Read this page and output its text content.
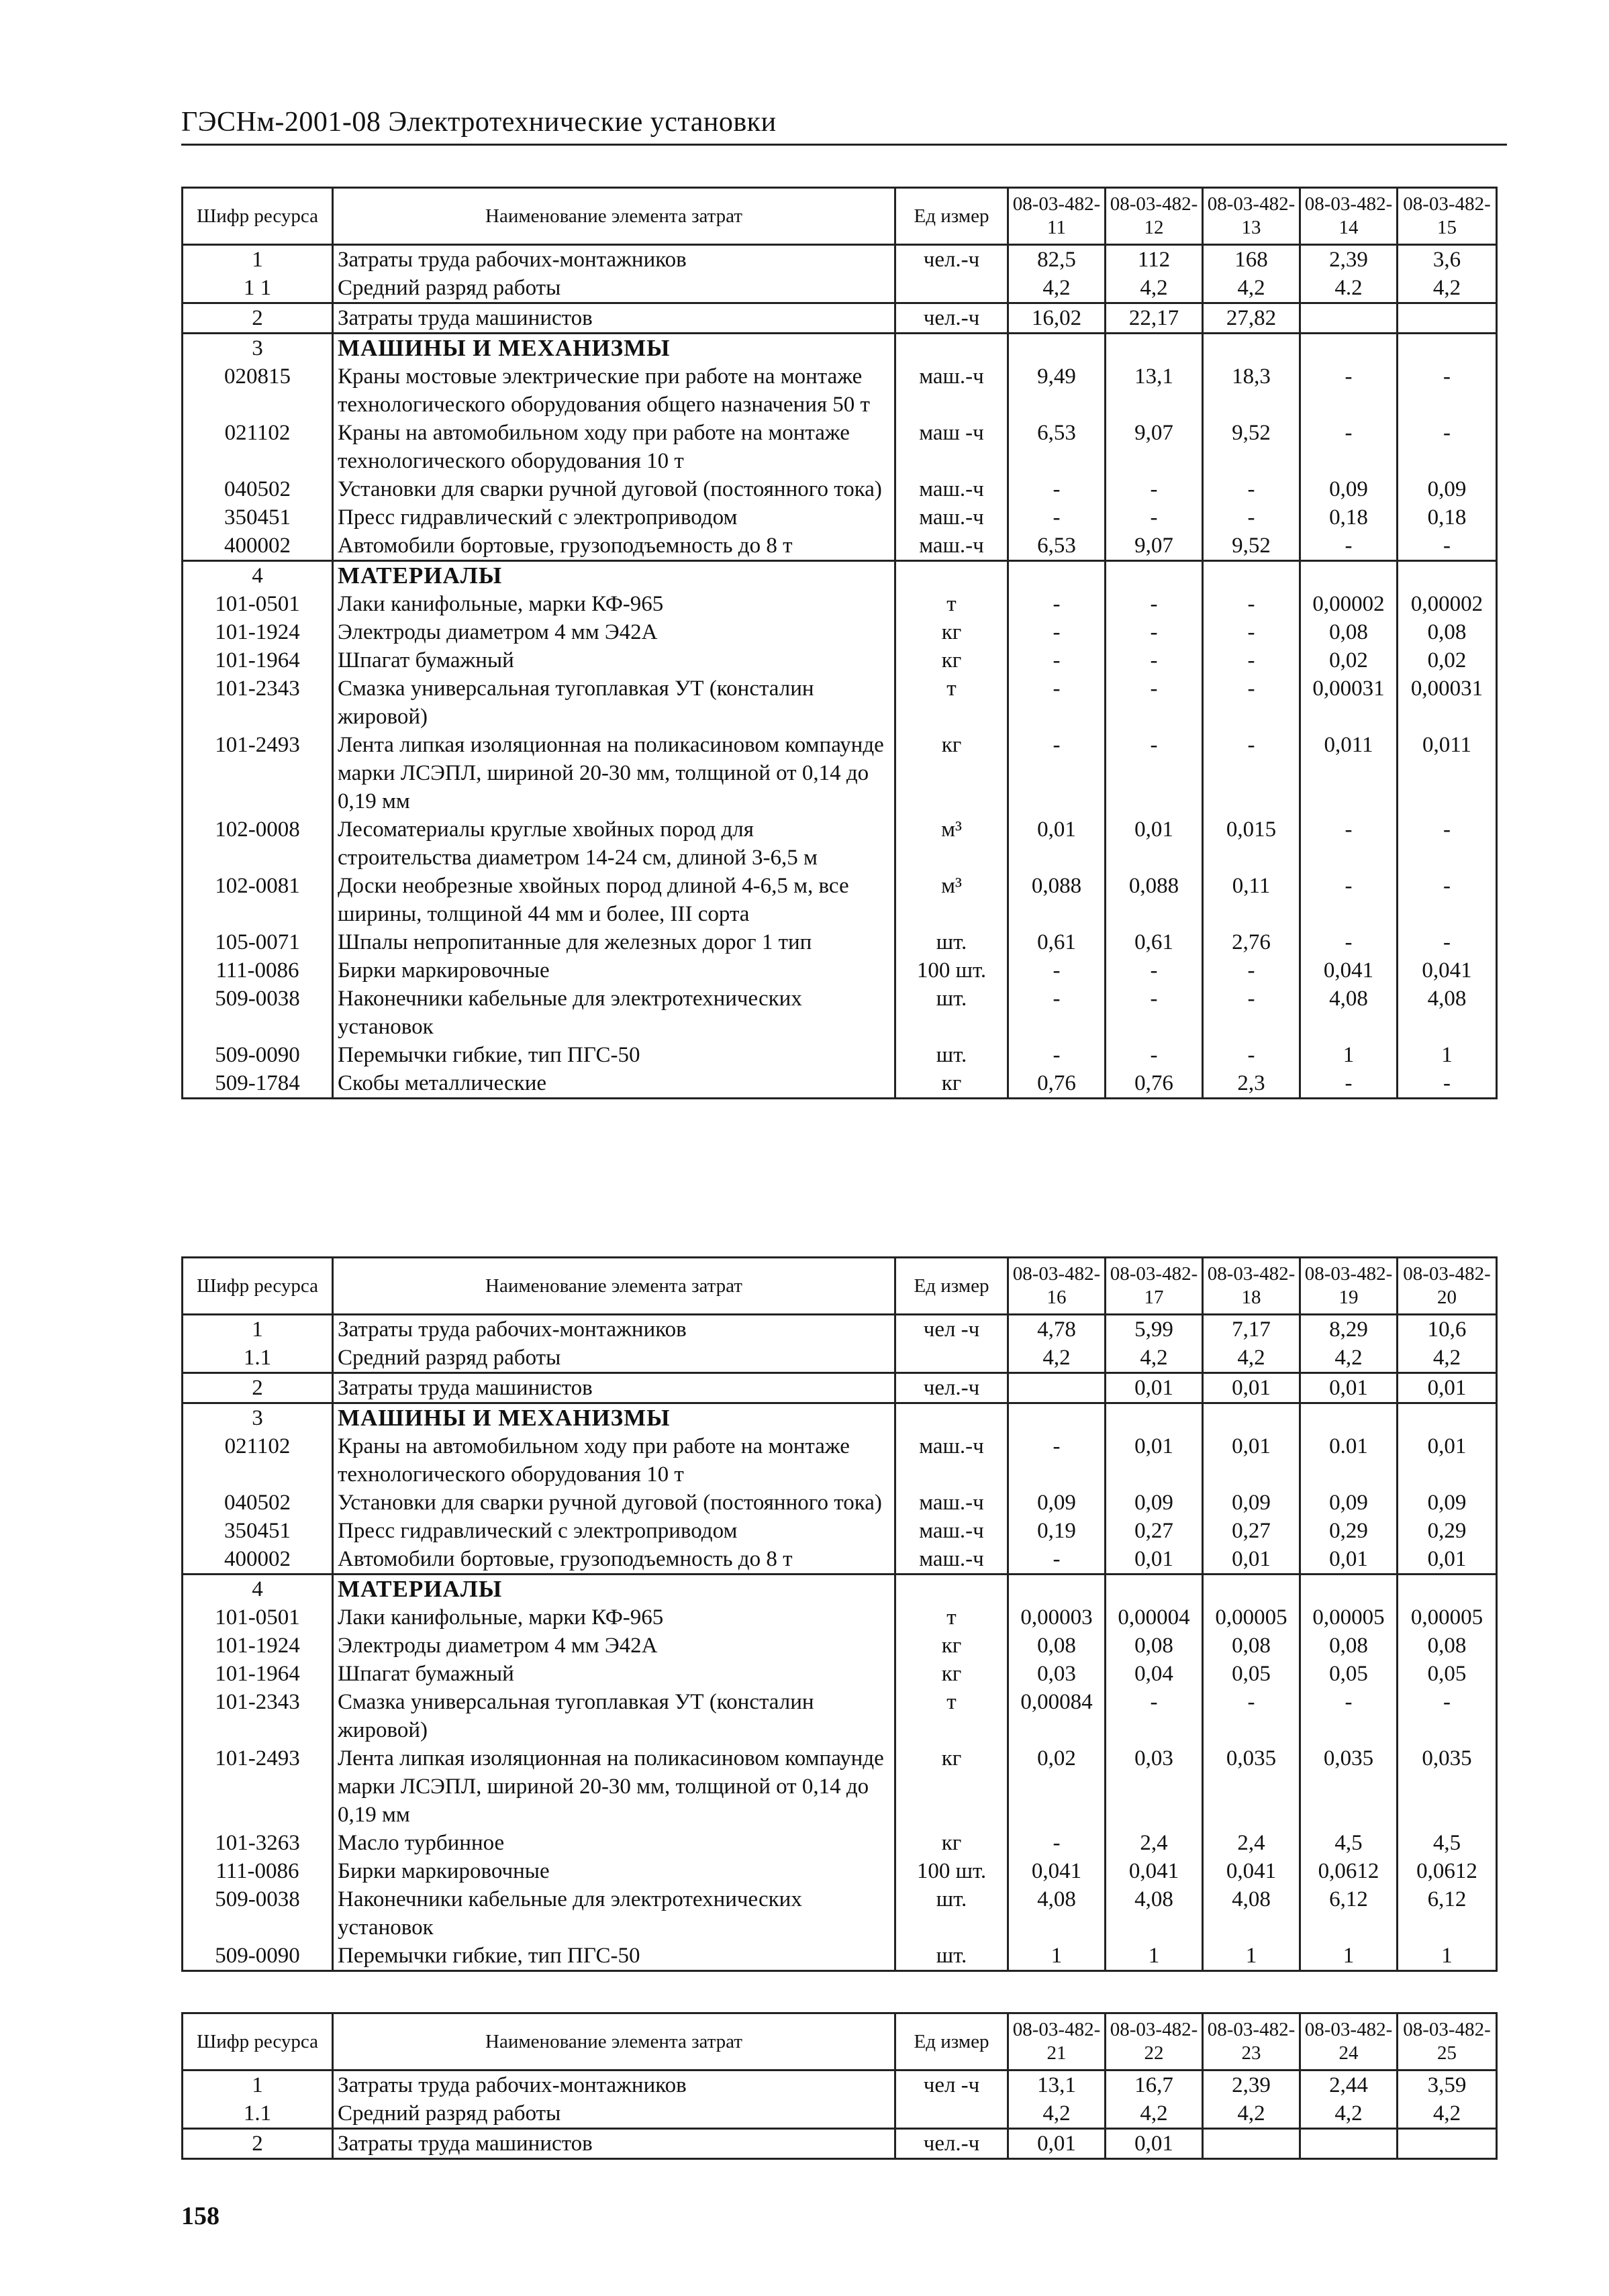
ГЭСНм-2001-08 Электротехнические установки
Шифр ресурса	Наименование элемента затрат	Ед измер	08-03-482-11	08-03-482-12	08-03-482-13	08-03-482-14	08-03-482-15
1	Затраты труда рабочих-монтажников	чел.-ч	82,5	112	168	2,39	3,6
1 1	Средний разряд работы		4,2	4,2	4,2	4.2	4,2
2	Затраты труда машинистов	чел.-ч	16,02	22,17	27,82		
3	МАШИНЫ И МЕХАНИЗМЫ						
020815	Краны мостовые электрические при работе на монтаже технологического оборудования общего назначения 50 т	маш.-ч	9,49	13,1	18,3	-	-
021102	Краны на автомобильном ходу при работе на монтаже технологического оборудования 10 т	маш -ч	6,53	9,07	9,52	-	-
040502	Установки для сварки ручной дуговой (постоянного тока)	маш.-ч	-	-	-	0,09	0,09
350451	Пресс гидравлический с электроприводом	маш.-ч	-	-	-	0,18	0,18
400002	Автомобили бортовые, грузоподъемность до 8 т	маш.-ч	6,53	9,07	9,52	-	-
4	МАТЕРИАЛЫ						
101-0501	Лаки канифольные, марки КФ-965	т	-	-	-	0,00002	0,00002
101-1924	Электроды диаметром 4 мм Э42А	кг	-	-	-	0,08	0,08
101-1964	Шпагат бумажный	кг	-	-	-	0,02	0,02
101-2343	Смазка универсальная тугоплавкая УТ (консталин жировой)	т	-	-	-	0,00031	0,00031
101-2493	Лента липкая изоляционная на поликасиновом компаунде марки ЛСЭПЛ, шириной 20-30 мм, толщиной от 0,14 до 0,19 мм	кг	-	-	-	0,011	0,011
102-0008	Лесоматериалы круглые хвойных пород для строительства диаметром 14-24 см, длиной 3-6,5 м	м³	0,01	0,01	0,015	-	-
102-0081	Доски необрезные хвойных пород длиной 4-6,5 м, все ширины, толщиной 44 мм и более, III сорта	м³	0,088	0,088	0,11	-	-
105-0071	Шпалы непропитанные для железных дорог 1 тип	шт.	0,61	0,61	2,76	-	-
111-0086	Бирки маркировочные	100 шт.	-	-	-	0,041	0,041
509-0038	Наконечники кабельные для электротехнических установок	шт.	-	-	-	4,08	4,08
509-0090	Перемычки гибкие, тип ПГС-50	шт.	-	-	-	1	1
509-1784	Скобы металлические	кг	0,76	0,76	2,3	-	-
Шифр ресурса	Наименование элемента затрат	Ед измер	08-03-482-16	08-03-482-17	08-03-482-18	08-03-482-19	08-03-482-20
1	Затраты труда рабочих-монтажников	чел -ч	4,78	5,99	7,17	8,29	10,6
1.1	Средний разряд работы		4,2	4,2	4,2	4,2	4,2
2	Затраты труда машинистов	чел.-ч		0,01	0,01	0,01	0,01
3	МАШИНЫ И МЕХАНИЗМЫ						
021102	Краны на автомобильном ходу при работе на монтаже технологического оборудования 10 т	маш.-ч	-	0,01	0,01	0.01	0,01
040502	Установки для сварки ручной дуговой (постоянного тока)	маш.-ч	0,09	0,09	0,09	0,09	0,09
350451	Пресс гидравлический с электроприводом	маш.-ч	0,19	0,27	0,27	0,29	0,29
400002	Автомобили бортовые, грузоподъемность до 8 т	маш.-ч	-	0,01	0,01	0,01	0,01
4	МАТЕРИАЛЫ						
101-0501	Лаки канифольные, марки КФ-965	т	0,00003	0,00004	0,00005	0,00005	0,00005
101-1924	Электроды диаметром 4 мм Э42А	кг	0,08	0,08	0,08	0,08	0,08
101-1964	Шпагат бумажный	кг	0,03	0,04	0,05	0,05	0,05
101-2343	Смазка универсальная тугоплавкая УТ (консталин жировой)	т	0,00084	-	-	-	-
101-2493	Лента липкая изоляционная на поликасиновом компаунде марки ЛСЭПЛ, шириной 20-30 мм, толщиной от 0,14 до 0,19 мм	кг	0,02	0,03	0,035	0,035	0,035
101-3263	Масло турбинное	кг	-	2,4	2,4	4,5	4,5
111-0086	Бирки маркировочные	100 шт.	0,041	0,041	0,041	0,0612	0,0612
509-0038	Наконечники кабельные для электротехнических установок	шт.	4,08	4,08	4,08	6,12	6,12
509-0090	Перемычки гибкие, тип ПГС-50	шт.	1	1	1	1	1
Шифр ресурса	Наименование элемента затрат	Ед измер	08-03-482-21	08-03-482-22	08-03-482-23	08-03-482-24	08-03-482-25
1	Затраты труда рабочих-монтажников	чел -ч	13,1	16,7	2,39	2,44	3,59
1.1	Средний разряд работы		4,2	4,2	4,2	4,2	4,2
2	Затраты труда машинистов	чел.-ч	0,01	0,01			
158
